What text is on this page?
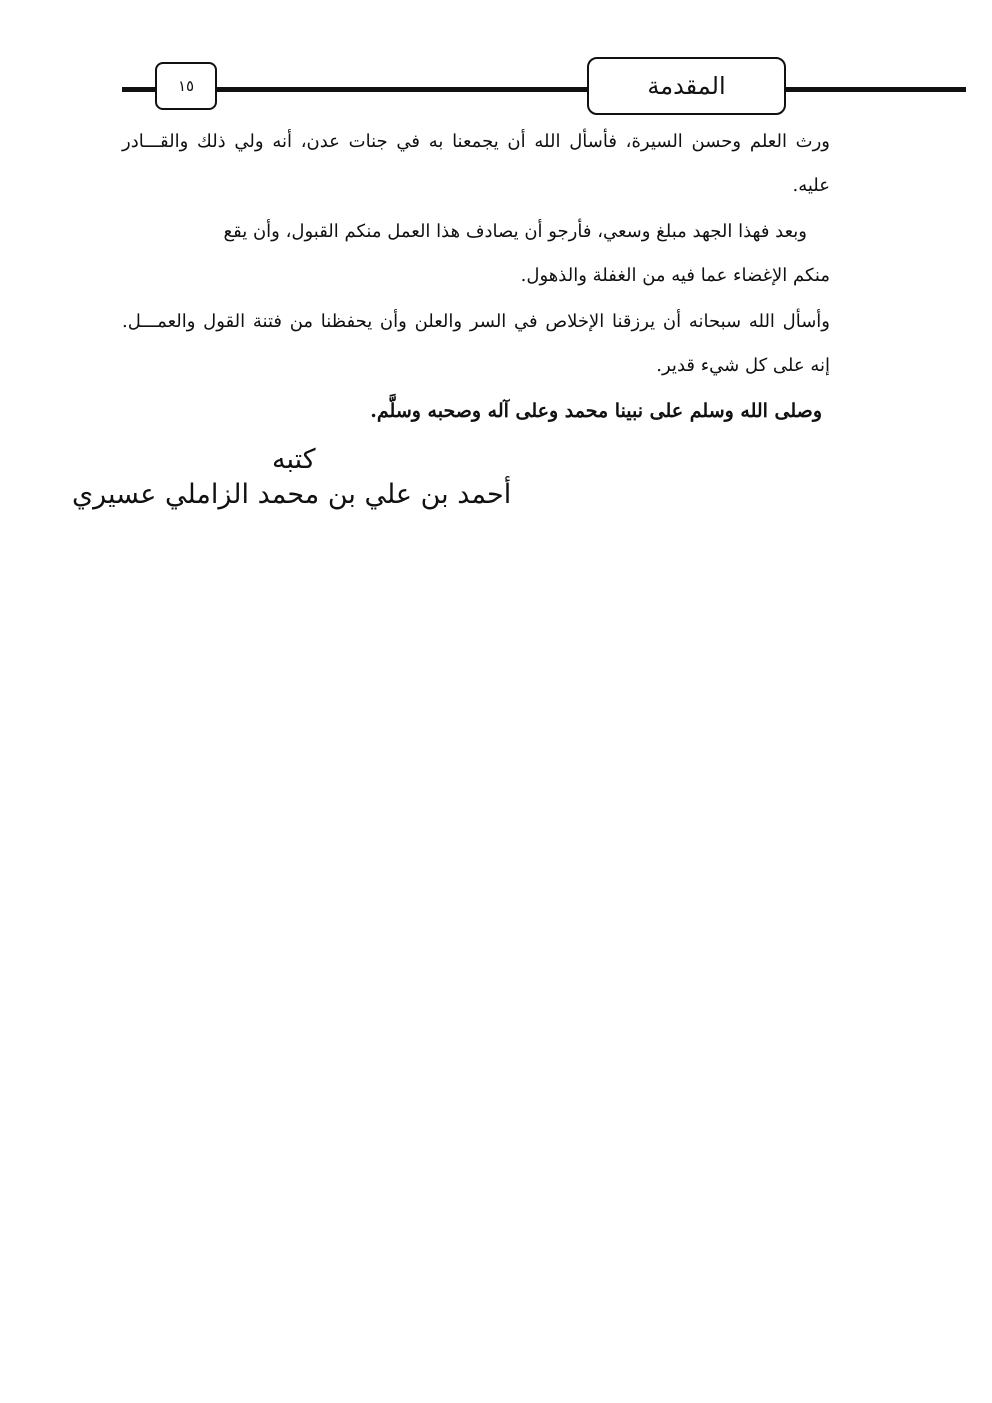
١٥	المقدمة
ورث العلم وحسن السيرة، فأسأل الله أن يجمعنا به في جنات عدن، أنه ولي ذلك والقـــادر
عليه.
وبعد فهذا الجهد مبلغ وسعي، فأرجو أن يصادف هذا العمل منكم القبول، وأن يقع
منكم الإغضاء عما فيه من الغفلة والذهول.
وأسأل الله سبحانه أن يرزقنا الإخلاص في السر والعلن وأن يحفظنا من فتنة القول والعمـــل.
إنه على كل شيء قدير.
وصلى الله وسلم على نبينا محمد وعلى آله وصحبه وسلَّم.
كتبه
أحمد بن علي بن محمد الزاملي عسيري
